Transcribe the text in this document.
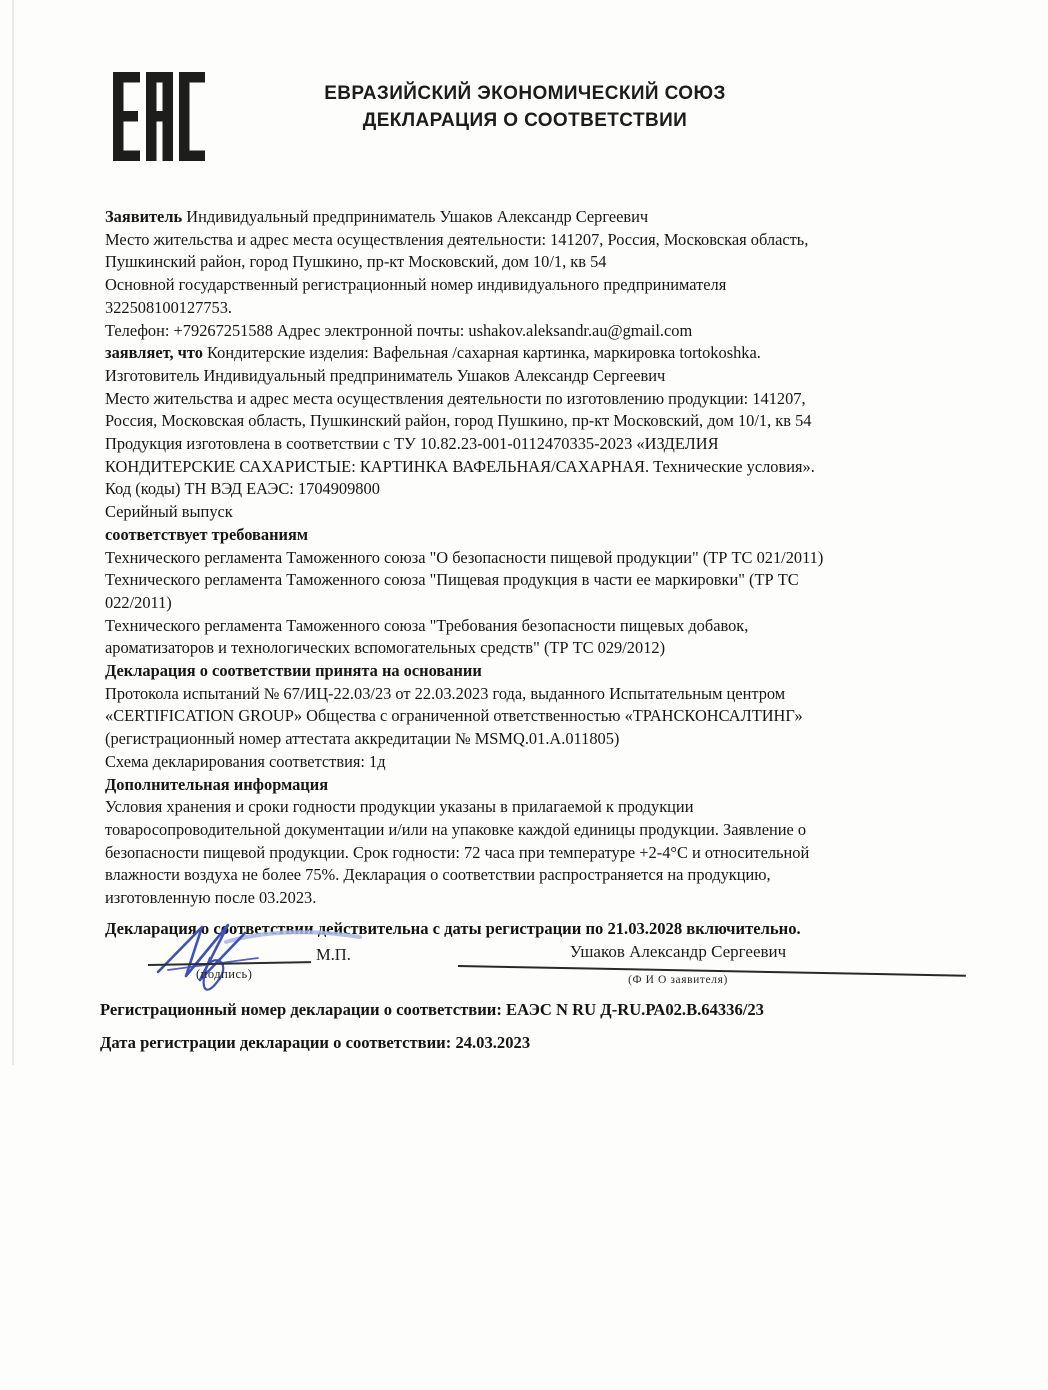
ЕВРАЗИЙСКИЙ ЭКОНОМИЧЕСКИЙ СОЮЗ
ДЕКЛАРАЦИЯ О СООТВЕТСТВИИ
Заявитель Индивидуальный предприниматель Ушаков Александр Сергеевич
Место жительства и адрес места осуществления деятельности: 141207, Россия, Московская область,
Пушкинский район, город Пушкино, пр-кт Московский, дом 10/1, кв 54
Основной государственный регистрационный номер индивидуального предпринимателя
322508100127753.
Телефон: +79267251588 Адрес электронной почты: ushakov.aleksandr.au@gmail.com
заявляет, что Кондитерские изделия: Вафельная /сахарная картинка, маркировка tortokoshka.
Изготовитель Индивидуальный предприниматель Ушаков Александр Сергеевич
Место жительства и адрес места осуществления деятельности по изготовлению продукции: 141207,
Россия, Московская область, Пушкинский район, город Пушкино, пр-кт Московский, дом 10/1, кв 54
Продукция изготовлена в соответствии с ТУ 10.82.23-001-0112470335-2023 «ИЗДЕЛИЯ
КОНДИТЕРСКИЕ САХАРИСТЫЕ: КАРТИНКА ВАФЕЛЬНАЯ/САХАРНАЯ. Технические условия».
Код (коды) ТН ВЭД ЕАЭС: 1704909800
Серийный выпуск
соответствует требованиям
Технического регламента Таможенного союза "О безопасности пищевой продукции" (ТР ТС 021/2011)
Технического регламента Таможенного союза "Пищевая продукция в части ее маркировки" (ТР ТС
022/2011)
Технического регламента Таможенного союза "Требования безопасности пищевых добавок,
ароматизаторов и технологических вспомогательных средств" (ТР ТС 029/2012)
Декларация о соответствии принята на основании
Протокола испытаний № 67/ИЦ-22.03/23 от 22.03.2023 года, выданного Испытательным центром
«CERTIFICATION GROUP» Общества с ограниченной ответственностью «ТРАНСКОНСАЛТИНГ»
(регистрационный номер аттестата аккредитации № MSMQ.01.A.011805)
Схема декларирования соответствия: 1д
Дополнительная информация
Условия хранения и сроки годности продукции указаны в прилагаемой к продукции
товаросопроводительной документации и/или на упаковке каждой единицы продукции. Заявление о
безопасности пищевой продукции. Срок годности: 72 часа при температуре +2-4°С и относительной
влажности воздуха не более 75%. Декларация о соответствии распространяется на продукцию,
изготовленную после 03.2023.
Декларация о соответствии действительна с даты регистрации по 21.03.2028 включительно.
(подпись)
М.П.	Ушаков Александр Сергеевич
(Ф И О заявителя)
Регистрационный номер декларации о соответствии: ЕАЭС N RU Д-RU.РА02.В.64336/23
Дата регистрации декларации о соответствии: 24.03.2023
